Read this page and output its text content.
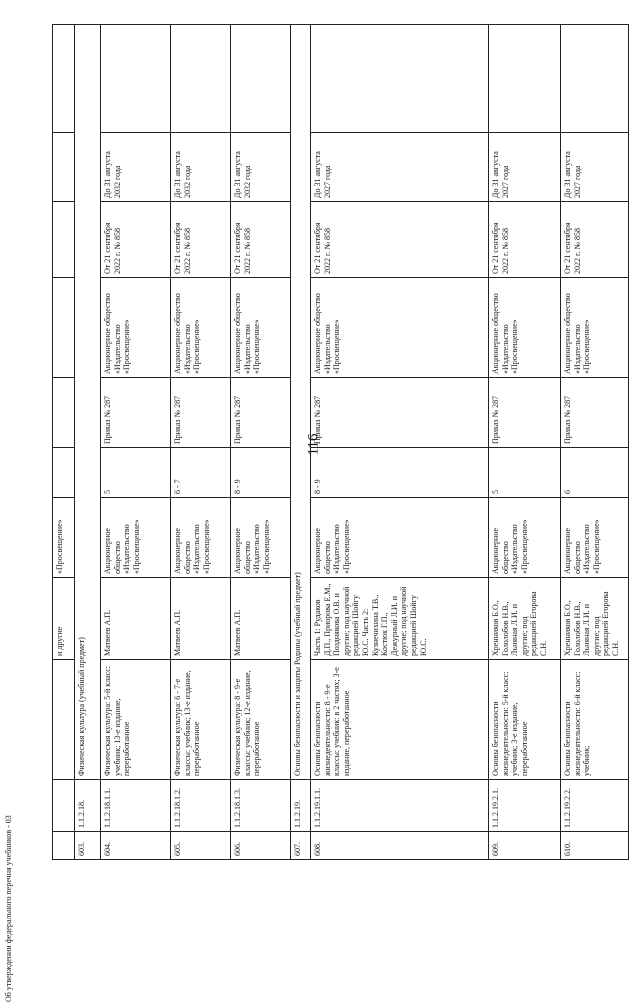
116
Об утверждении федерального перечня учебников - 03
			и другие	«Просвещение»						
603.	1.1.2.18.	Физическая культура (учебный предмет)								
604.	1.1.2.18.1.1.	Физическая культура: 5-й класс: учебник; 13-е издание, переработанное	Матвеев А.П.	Акционерное общество «Издательство «Просвещение»	5	Приказ № 287	Акционерное общество «Издательство «Просвещение»	От 21 сентября 2022 г. № 858	До 31 августа 2032 года	
605.	1.1.2.18.1.2.	Физическая культура: 6 - 7-е классы: учебник; 13-е издание, переработанное	Матвеев А.П.	Акционерное общество «Издательство «Просвещение»	6 - 7	Приказ № 287	Акционерное общество «Издательство «Просвещение»	От 21 сентября 2022 г. № 858	До 31 августа 2032 года	
606.	1.1.2.18.1.3.	Физическая культура: 8 - 9-е классы: учебник; 12-е издание, переработанное	Матвеев А.П.	Акционерное общество «Издательство «Просвещение»	8 - 9	Приказ № 287	Акционерное общество «Издательство «Просвещение»	От 21 сентября 2022 г. № 858	До 31 августа 2032 года	
607.	1.1.2.19.	Основы безопасности и защиты Родины (учебный предмет)								
608.	1.1.2.19.1.1.	Основы безопасности жизнедеятельности: 8 - 9-е классы: учебник: в 2 частях; 3-е издание, переработанное	Часть 1: Рудаков Д.П., Приорова Е.М., Позднякова О.В. и другие; под научной редакцией Шойгу Ю.С. Часть 2: Кузнечихина Т.В., Костюк Г.П., Дежурный Л.И. и другие; под научной редакцией Шойгу Ю.С.	Акционерное общество «Издательство «Просвещение»	8 - 9	Приказ № 287	Акционерное общество «Издательство «Просвещение»	От 21 сентября 2022 г. № 858	До 31 августа 2027 года	
609.	1.1.2.19.2.1.	Основы безопасности жизнедеятельности: 5-й класс: учебник; 3-е издание, переработанное	Хренников Б.О., Гололобов Н.В., Льняная Л.И. и другие; под редакцией Егорова С.Н.	Акционерное общество «Издательство «Просвещение»	5	Приказ № 287	Акционерное общество «Издательство «Просвещение»	От 21 сентября 2022 г. № 858	До 31 августа 2027 года	
610.	1.1.2.19.2.2.	Основы безопасности жизнедеятельности: 6-й класс: учебник;	Хренников Б.О., Гололобов Н.В., Льняная Л.И. и другие; под редакцией Егорова С.Н.	Акционерное общество «Издательство «Просвещение»	6	Приказ № 287	Акционерное общество «Издательство «Просвещение»	От 21 сентября 2022 г. № 858	До 31 августа 2027 года	
